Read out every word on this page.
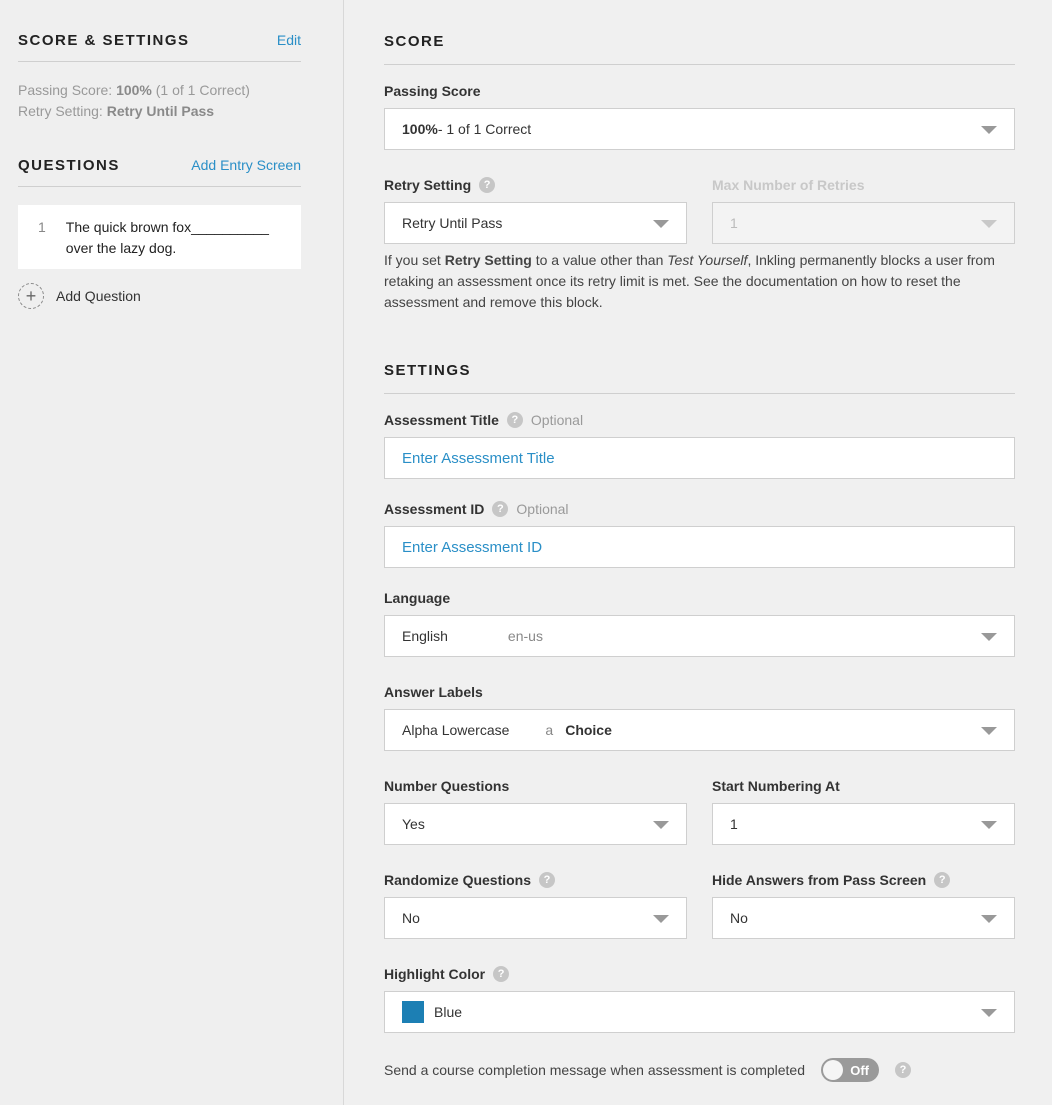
SCORE & SETTINGS	Edit
Passing Score: 100% (1 of 1 Correct)
Retry Setting: Retry Until Pass
QUESTIONS	Add Entry Screen
1 The quick brown fox__________ over the lazy dog.
+	Add Question
SCORE
Passing Score
100% - 1 of 1 Correct
Retry Setting	?	Max Number of Retries
Retry Until Pass	1
If you set Retry Setting to a value other than Test Yourself, Inkling permanently blocks a user from retaking an assessment once its retry limit is met. See the documentation on how to reset the assessment and remove this block.
SETTINGS
Assessment Title	? Optional
Enter Assessment Title
Assessment ID	? Optional
Enter Assessment ID
Language
English	en-us
Answer Labels
Alpha Lowercase	a Choice
Number Questions	Start Numbering At
Yes	1
Randomize Questions	?	Hide Answers from Pass Screen	?
No	No
Highlight Color	?
Blue
Send a course completion message when assessment is completed	Off	?
